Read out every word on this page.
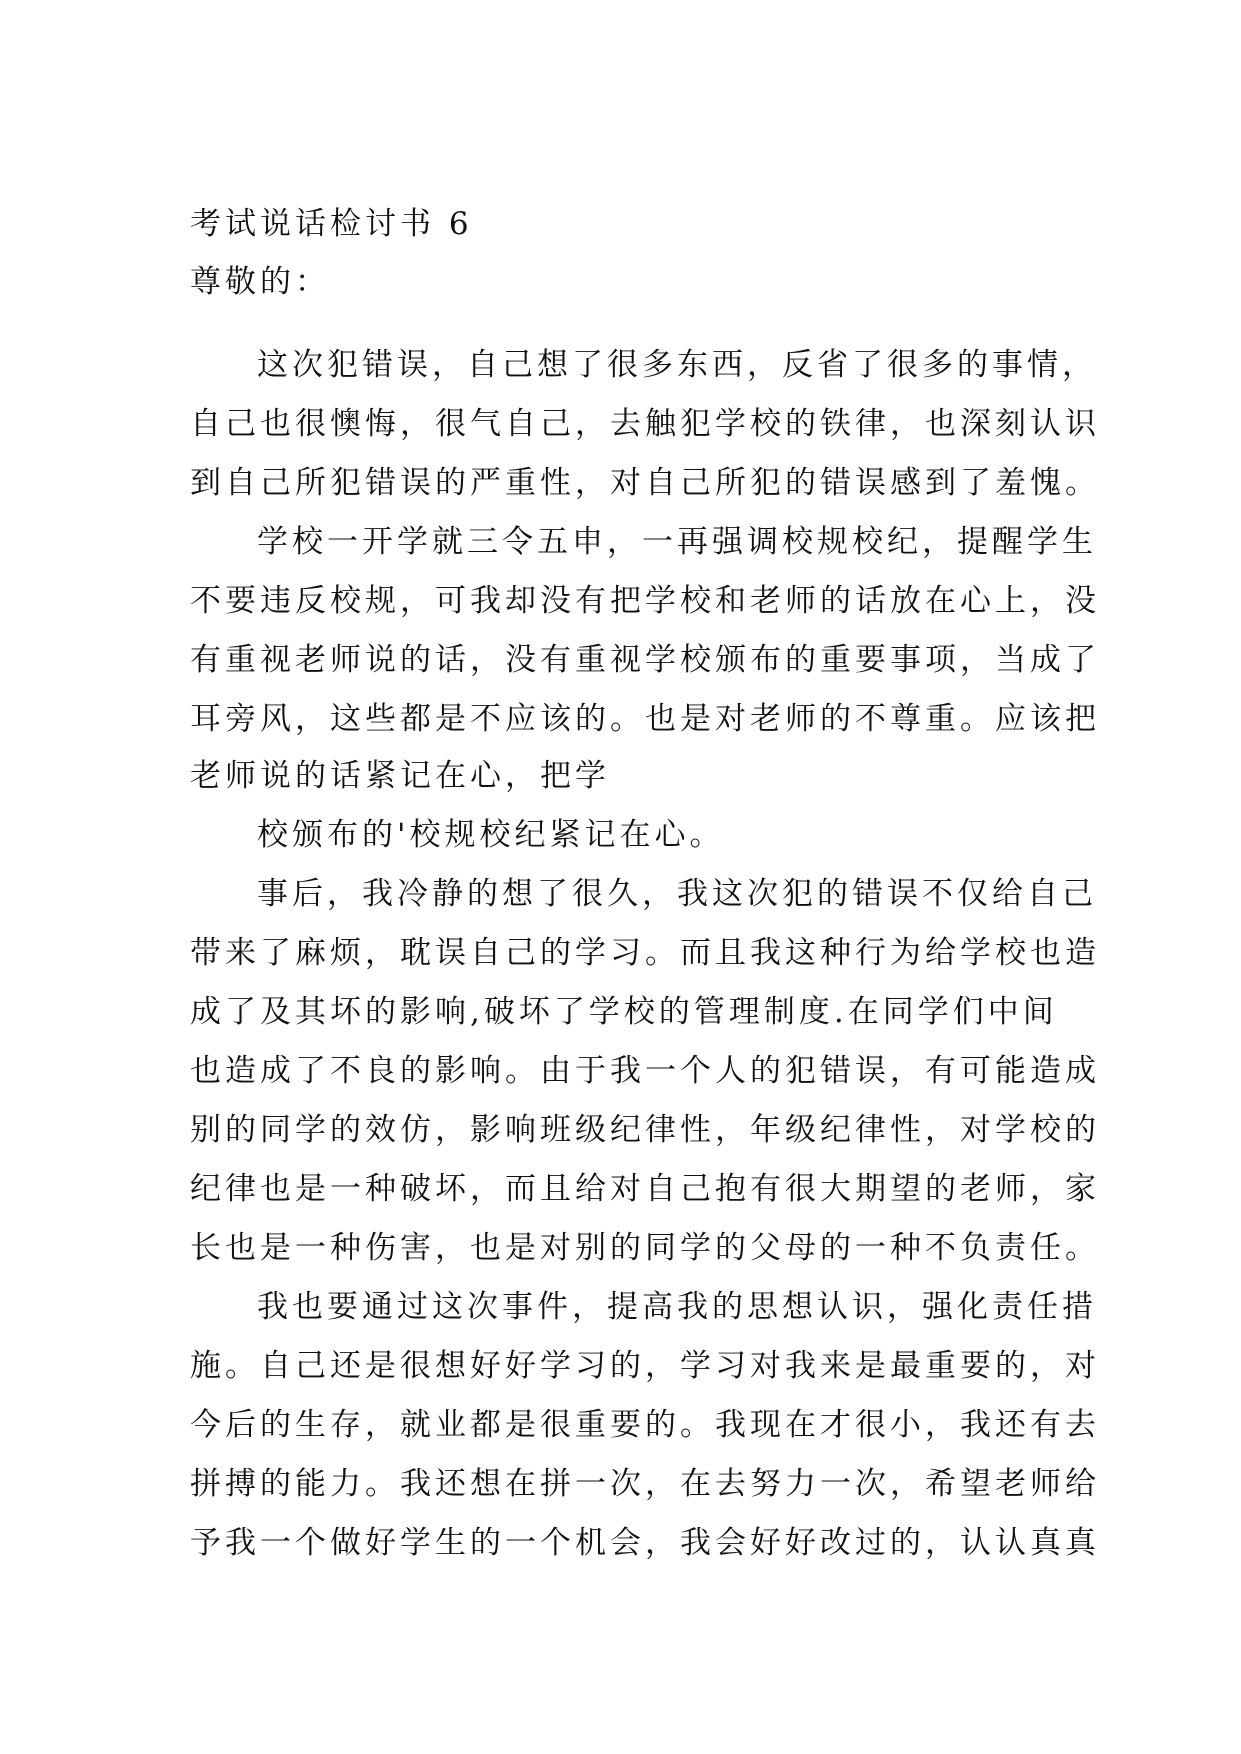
考试说话检讨书 6
尊敬的：
这次犯错误，自己想了很多东西，反省了很多的事情，
自己也很懊悔，很气自己，去触犯学校的铁律，也深刻认识
到自己所犯错误的严重性，对自己所犯的错误感到了羞愧。
学校一开学就三令五申，一再强调校规校纪，提醒学生
不要违反校规，可我却没有把学校和老师的话放在心上，没
有重视老师说的话，没有重视学校颁布的重要事项，当成了
耳旁风，这些都是不应该的。也是对老师的不尊重。应该把
老师说的话紧记在心，把学
校颁布的'校规校纪紧记在心。
事后，我冷静的想了很久，我这次犯的错误不仅给自己
带来了麻烦，耽误自己的学习。而且我这种行为给学校也造
成了及其坏的影响,破坏了学校的管理制度.在同学们中间
也造成了不良的影响。由于我一个人的犯错误，有可能造成
别的同学的效仿，影响班级纪律性，年级纪律性，对学校的
纪律也是一种破坏，而且给对自己抱有很大期望的老师，家
长也是一种伤害，也是对别的同学的父母的一种不负责任。
我也要通过这次事件，提高我的思想认识，强化责任措
施。自己还是很想好好学习的，学习对我来是最重要的，对
今后的生存，就业都是很重要的。我现在才很小，我还有去
拼搏的能力。我还想在拼一次，在去努力一次，希望老师给
予我一个做好学生的一个机会，我会好好改过的，认认真真
